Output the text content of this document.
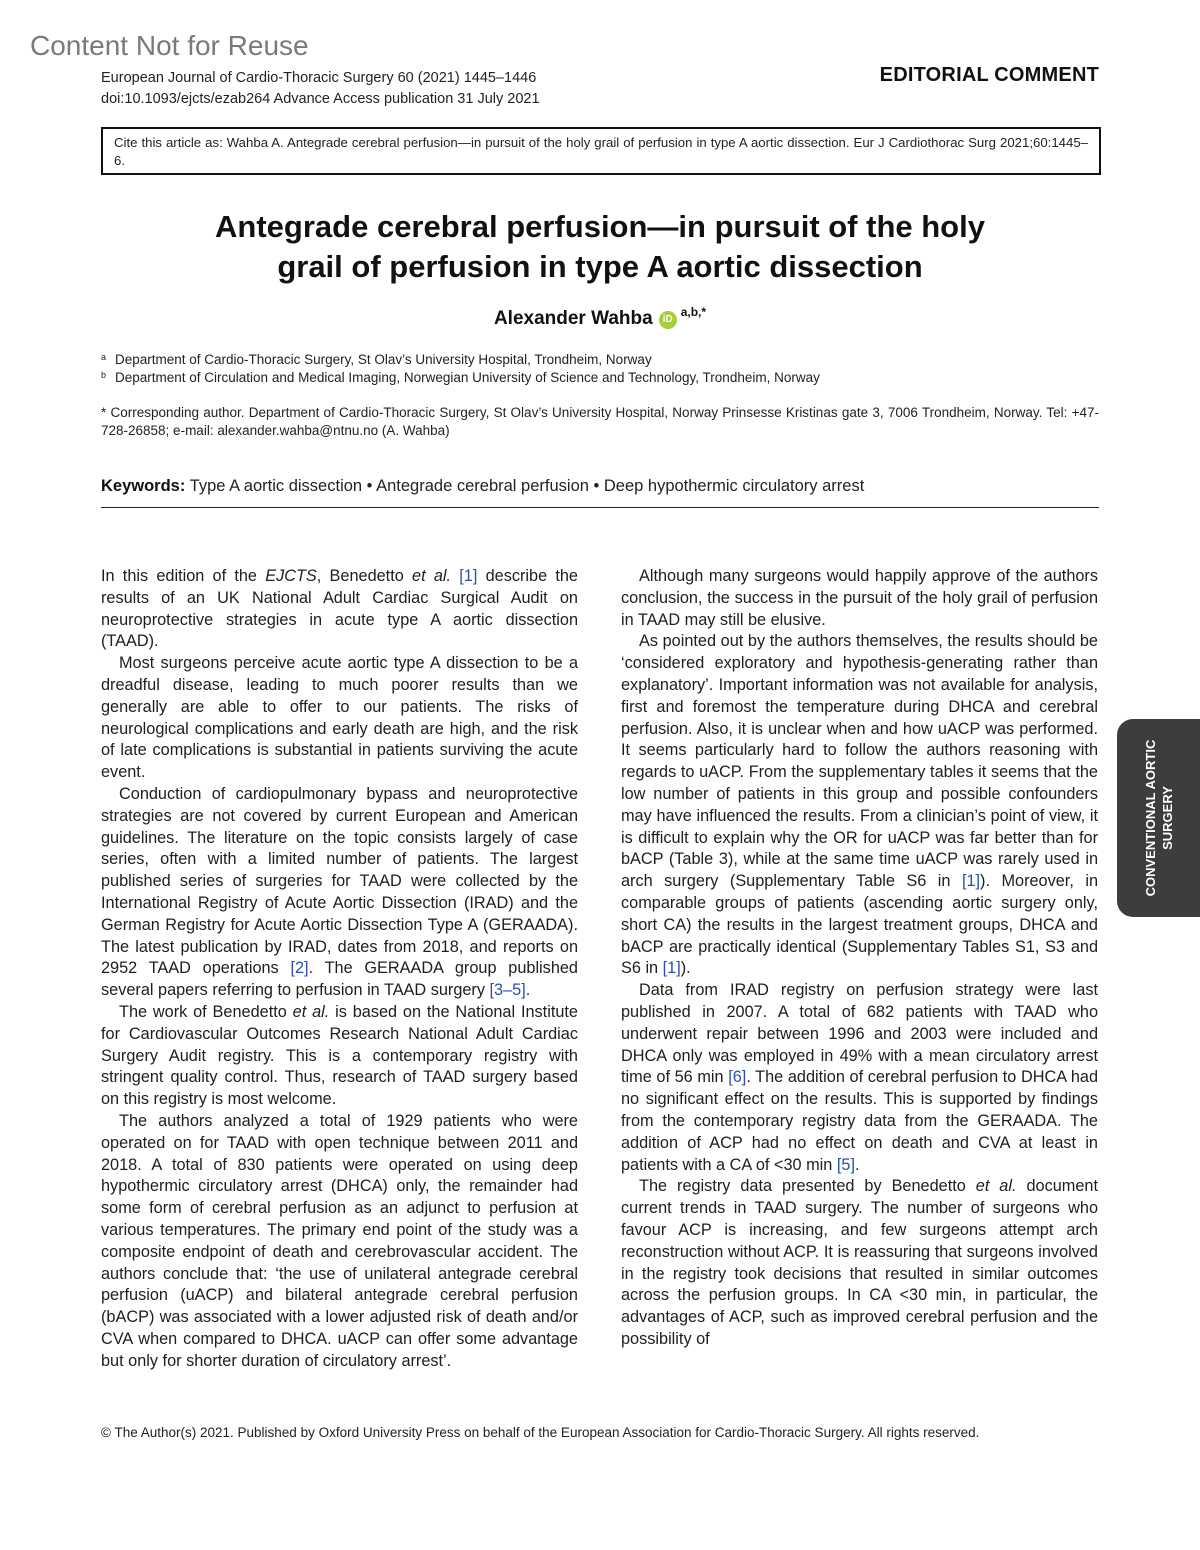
Content Not for Reuse
European Journal of Cardio-Thoracic Surgery 60 (2021) 1445–1446
doi:10.1093/ejcts/ezab264 Advance Access publication 31 July 2021
EDITORIAL COMMENT
Cite this article as: Wahba A. Antegrade cerebral perfusion—in pursuit of the holy grail of perfusion in type A aortic dissection. Eur J Cardiothorac Surg 2021;60:1445–6.
Antegrade cerebral perfusion—in pursuit of the holy
grail of perfusion in type A aortic dissection
Alexander Wahba $iD^{a,b,*}$
a Department of Cardio-Thoracic Surgery, St Olav’s University Hospital, Trondheim, Norway
b Department of Circulation and Medical Imaging, Norwegian University of Science and Technology, Trondheim, Norway
* Corresponding author. Department of Cardio-Thoracic Surgery, St Olav’s University Hospital, Norway Prinsesse Kristinas gate 3, 7006 Trondheim, Norway. Tel: +47-728-26858; e-mail: alexander.wahba@ntnu.no (A. Wahba)
Keywords: Type A aortic dissection • Antegrade cerebral perfusion • Deep hypothermic circulatory arrest

In this edition of the EJCTS, Benedetto et al. [1] describe the results of an UK National Adult Cardiac Surgical Audit on neuroprotective strategies in acute type A aortic dissection (TAAD).

Most surgeons perceive acute aortic type A dissection to be a dreadful disease, leading to much poorer results than we generally are able to offer to our patients. The risks of neurological complications and early death are high, and the risk of late complications is substantial in patients surviving the acute event.

Conduction of cardiopulmonary bypass and neuroprotective strategies are not covered by current European and American guidelines. The literature on the topic consists largely of case series, often with a limited number of patients. The largest published series of surgeries for TAAD were collected by the International Registry of Acute Aortic Dissection (IRAD) and the German Registry for Acute Aortic Dissection Type A (GERAADA). The latest publication by IRAD, dates from 2018, and reports on 2952 TAAD operations [2]. The GERAADA group published several papers referring to perfusion in TAAD surgery [3–5].

The work of Benedetto et al. is based on the National Institute for Cardiovascular Outcomes Research National Adult Cardiac Surgery Audit registry. This is a contemporary registry with stringent quality control. Thus, research of TAAD surgery based on this registry is most welcome.

The authors analyzed a total of 1929 patients who were operated on for TAAD with open technique between 2011 and 2018. A total of 830 patients were operated on using deep hypothermic circulatory arrest (DHCA) only, the remainder had some form of cerebral perfusion as an adjunct to perfusion at various temperatures. The primary end point of the study was a composite endpoint of death and cerebrovascular accident. The authors conclude that: ‘the use of unilateral antegrade cerebral perfusion (uACP) and bilateral antegrade cerebral perfusion (bACP) was associated with a lower adjusted risk of death and/or CVA when compared to DHCA. uACP can offer some advantage but only for shorter duration of circulatory arrest’.

Although many surgeons would happily approve of the authors conclusion, the success in the pursuit of the holy grail of perfusion in TAAD may still be elusive.

As pointed out by the authors themselves, the results should be ‘considered exploratory and hypothesis-generating rather than explanatory’. Important information was not available for analysis, first and foremost the temperature during DHCA and cerebral perfusion. Also, it is unclear when and how uACP was performed. It seems particularly hard to follow the authors reasoning with regards to uACP. From the supplementary tables it seems that the low number of patients in this group and possible confounders may have influenced the results. From a clinician’s point of view, it is difficult to explain why the OR for uACP was far better than for bACP (Table 3), while at the same time uACP was rarely used in arch surgery (Supplementary Table S6 in [1]). Moreover, in comparable groups of patients (ascending aortic surgery only, short CA) the results in the largest treatment groups, DHCA and bACP are practically identical (Supplementary Tables S1, S3 and S6 in [1]).

Data from IRAD registry on perfusion strategy were last published in 2007. A total of 682 patients with TAAD who underwent repair between 1996 and 2003 were included and DHCA only was employed in 49% with a mean circulatory arrest time of 56 min [6]. The addition of cerebral perfusion to DHCA had no significant effect on the results. This is supported by findings from the contemporary registry data from the GERAADA. The addition of ACP had no effect on death and CVA at least in patients with a CA of <30 min [5].

The registry data presented by Benedetto et al. document current trends in TAAD surgery. The number of surgeons who favour ACP is increasing, and few surgeons attempt arch reconstruction without ACP. It is reassuring that surgeons involved in the registry took decisions that resulted in similar outcomes across the perfusion groups. In CA <30 min, in particular, the advantages of ACP, such as improved cerebral perfusion and the possibility of

CONVENTIONAL AORTIC SURGERY
© The Author(s) 2021. Published by Oxford University Press on behalf of the European Association for Cardio-Thoracic Surgery. All rights reserved.
